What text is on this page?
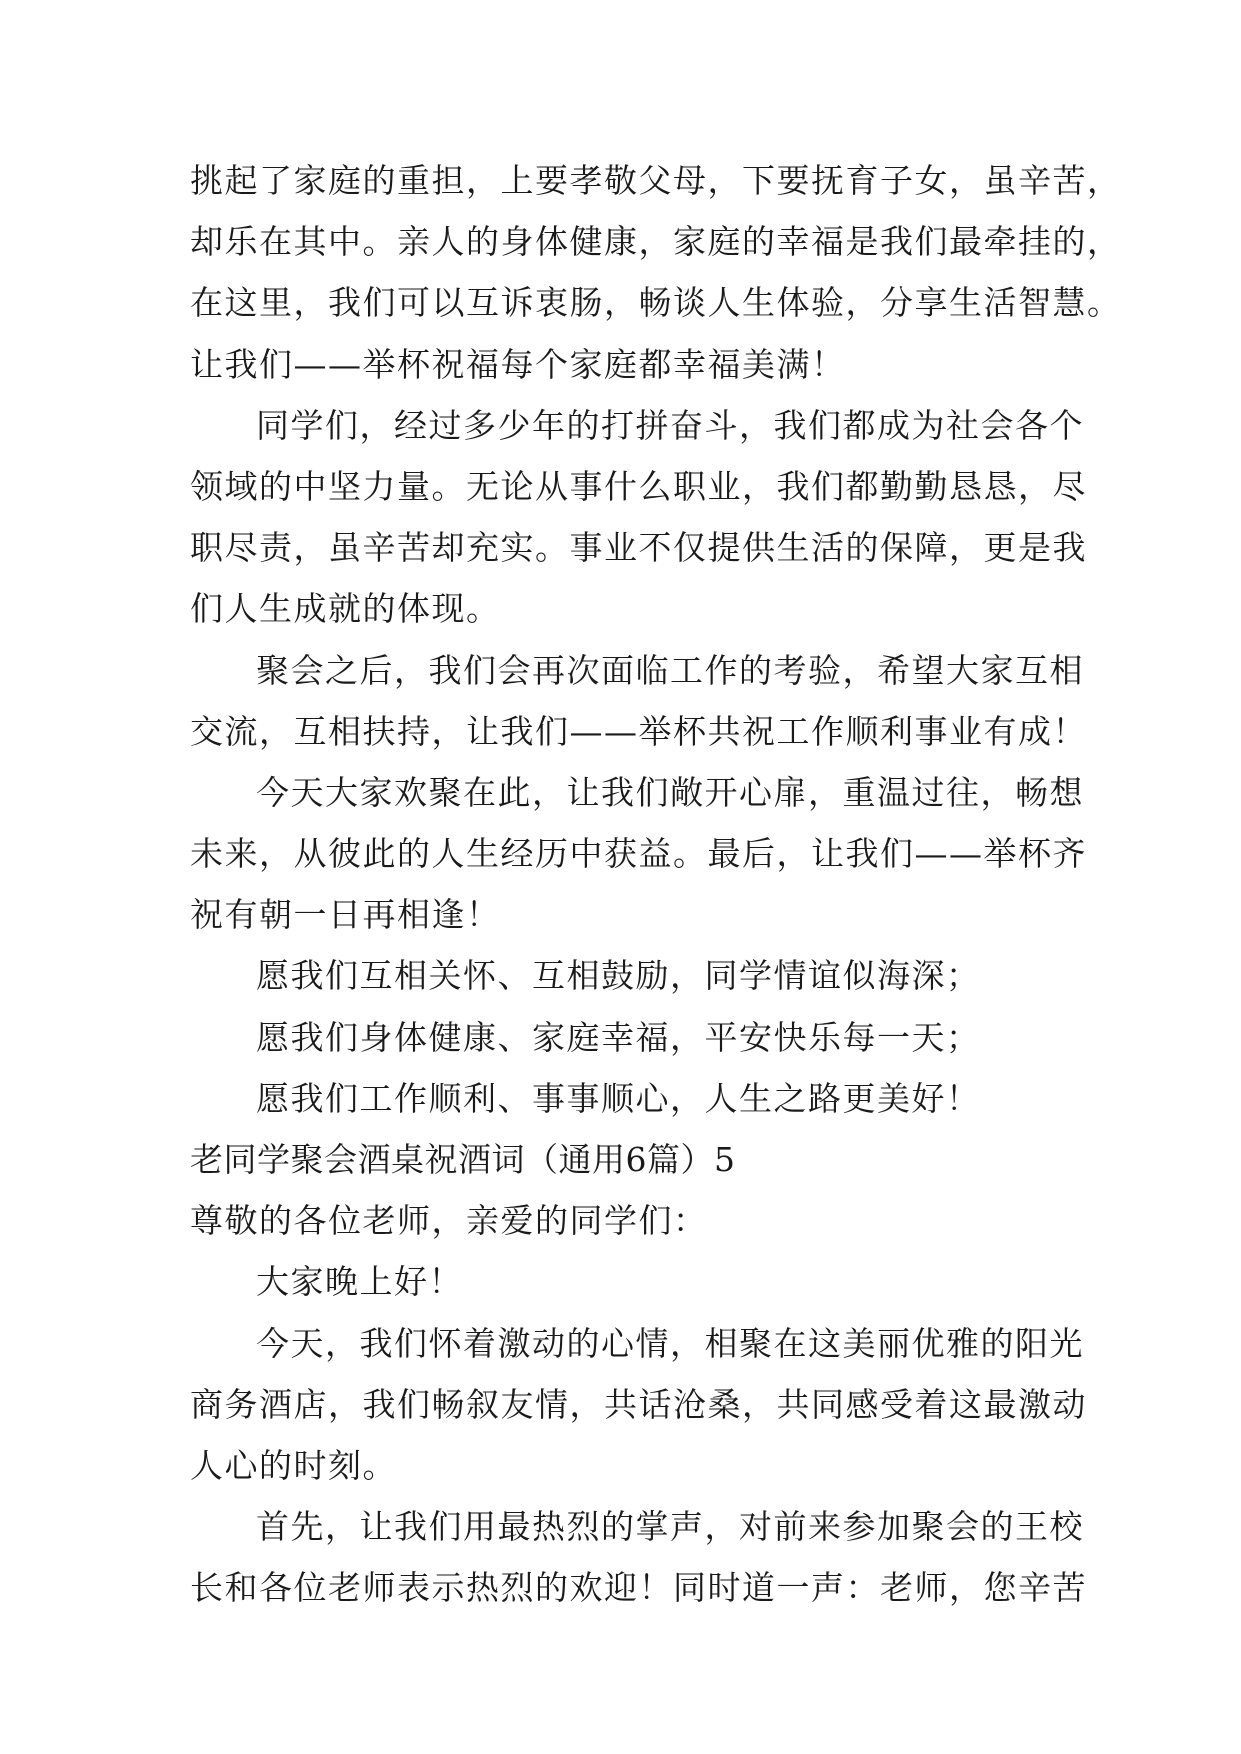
挑起了家庭的重担，上要孝敬父母，下要抚育子女，虽辛苦，
却乐在其中。亲人的身体健康，家庭的幸福是我们最牵挂的，
在这里，我们可以互诉衷肠，畅谈人生体验，分享生活智慧。
让我们——举杯祝福每个家庭都幸福美满！
同学们，经过多少年的打拼奋斗，我们都成为社会各个
领域的中坚力量。无论从事什么职业，我们都勤勤恳恳，尽
职尽责，虽辛苦却充实。事业不仅提供生活的保障，更是我
们人生成就的体现。
聚会之后，我们会再次面临工作的考验，希望大家互相
交流，互相扶持，让我们——举杯共祝工作顺利事业有成！
今天大家欢聚在此，让我们敞开心扉，重温过往，畅想
未来，从彼此的人生经历中获益。最后，让我们——举杯齐
祝有朝一日再相逢！
愿我们互相关怀、互相鼓励，同学情谊似海深；
愿我们身体健康、家庭幸福，平安快乐每一天；
愿我们工作顺利、事事顺心，人生之路更美好！
老同学聚会酒桌祝酒词（通用6篇）5
尊敬的各位老师，亲爱的同学们：
大家晚上好！
今天，我们怀着激动的心情，相聚在这美丽优雅的阳光
商务酒店，我们畅叙友情，共话沧桑，共同感受着这最激动
人心的时刻。
首先，让我们用最热烈的掌声，对前来参加聚会的王校
长和各位老师表示热烈的欢迎！同时道一声：老师，您辛苦
